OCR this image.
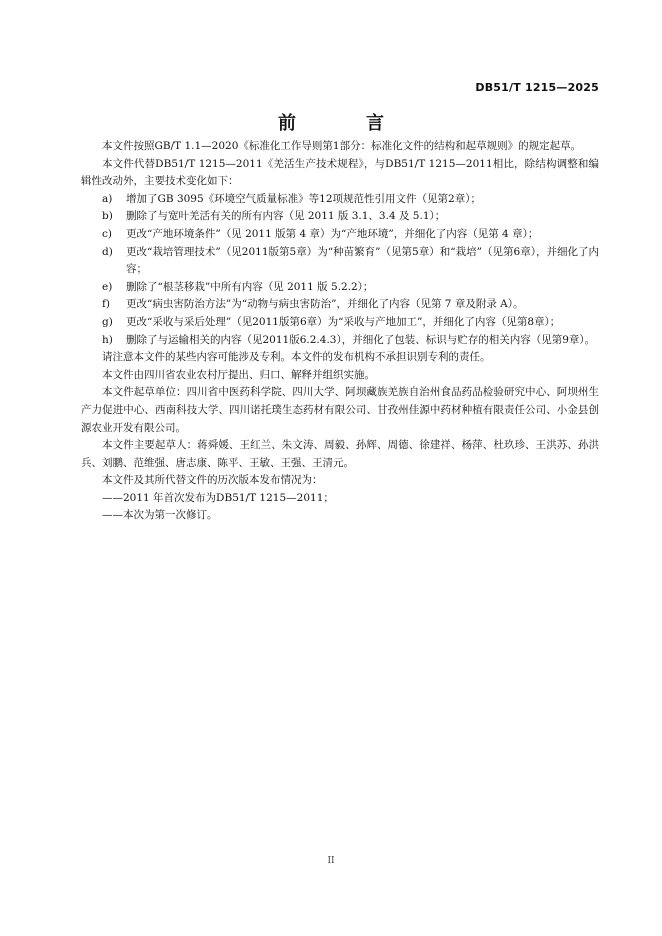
DB51/T 1215—2025
前　言

本文件按照GB/T 1.1—2020《标准化工作导则第1部分：标准化文件的结构和起草规则》的规定起草。

本文件代替DB51/T 1215—2011《羌活生产技术规程》，与DB51/T 1215—2011相比，除结构调整和编辑性改动外，主要技术变化如下：

a)	增加了GB 3095《环境空气质量标准》等12项规范性引用文件（见第2章）；
b)	删除了与宽叶羌活有关的所有内容（见 2011 版 3.1、3.4 及 5.1）；
c)	更改“产地环境条件”（见 2011 版第 4 章）为“产地环境”，并细化了内容（见第 4 章）；
d)	更改“栽培管理技术”（见2011版第5章）为“种苗繁育”（见第5章）和“栽培”（见第6章），并细化了内容；
e)	删除了“根茎移栽”中所有内容（见 2011 版 5.2.2）；
f)	更改“病虫害防治方法”为“动物与病虫害防治”，并细化了内容（见第 7 章及附录 A）。
g)	更改“采收与采后处理”（见2011版第6章）为“采收与产地加工”，并细化了内容（见第8章）；
h)	删除了与运输相关的内容（见2011版6.2.4.3），并细化了包装、标识与贮存的相关内容（见第9章）。

请注意本文件的某些内容可能涉及专利。本文件的发布机构不承担识别专利的责任。

本文件由四川省农业农村厅提出、归口、解释并组织实施。

本文件起草单位：四川省中医药科学院、四川大学、阿坝藏族羌族自治州食品药品检验研究中心、阿坝州生产力促进中心、西南科技大学、四川诺托璞生态药材有限公司、甘孜州佳源中药材种植有限责任公司、小金县创源农业开发有限公司。

本文件主要起草人：蒋舜媛、王红兰、朱文涛、周毅、孙辉、周德、徐建祥、杨萍、杜玖珍、王洪苏、孙洪兵、刘鹏、范维强、唐志康、陈平、王敏、王强、王清元。

本文件及其所代替文件的历次版本发布情况为：

——2011 年首次发布为DB51/T 1215—2011；

——本次为第一次修订。

II
